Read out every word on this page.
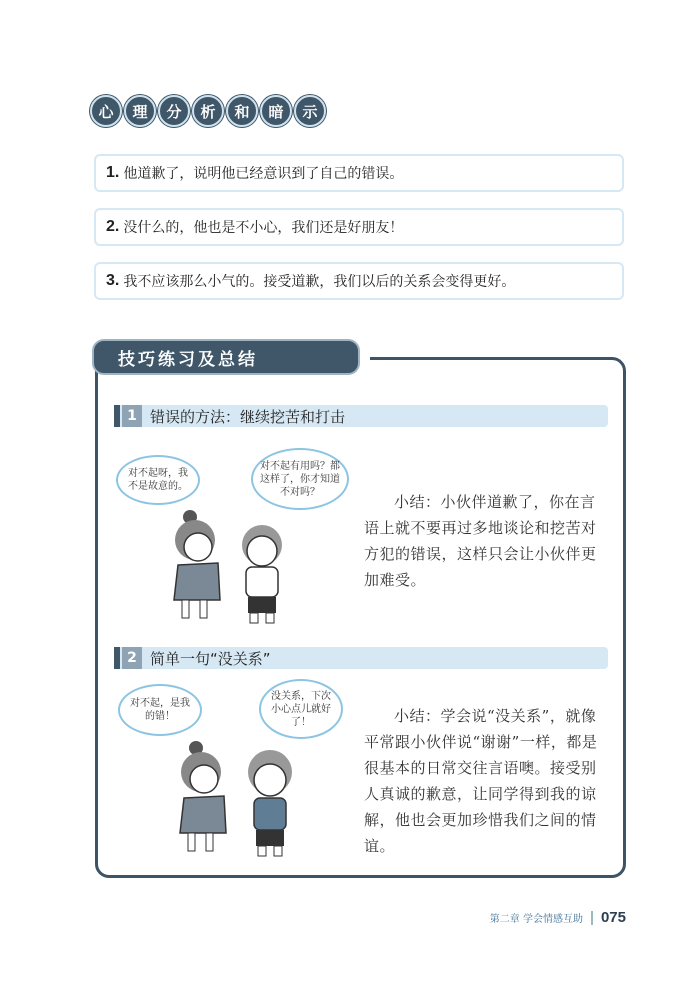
心	理	分	析	和	暗	示
1. 他道歉了，说明他已经意识到了自己的错误。
2. 没什么的，他也是不小心，我们还是好朋友！
3. 我不应该那么小气的。接受道歉，我们以后的关系会变得更好。
技巧练习及总结
1 错误的方法：继续挖苦和打击
对不起呀，我不是故意的。
对不起有用吗？都这样了，你才知道不对吗？
小结：小伙伴道歉了，你在言语上就不要再过多地谈论和挖苦对方犯的错误，这样只会让小伙伴更加难受。
2 简单一句“没关系”
对不起，是我的错！
没关系，下次小心点儿就好了！	小结：学会说“没关系”，就像平常跟小伙伴说“谢谢”一样，都是很基本的日常交往言语噢。接受别人真诚的歉意，让同学得到我的谅解，他也会更加珍惜我们之间的情谊。
第二章 学会情感互助 075
